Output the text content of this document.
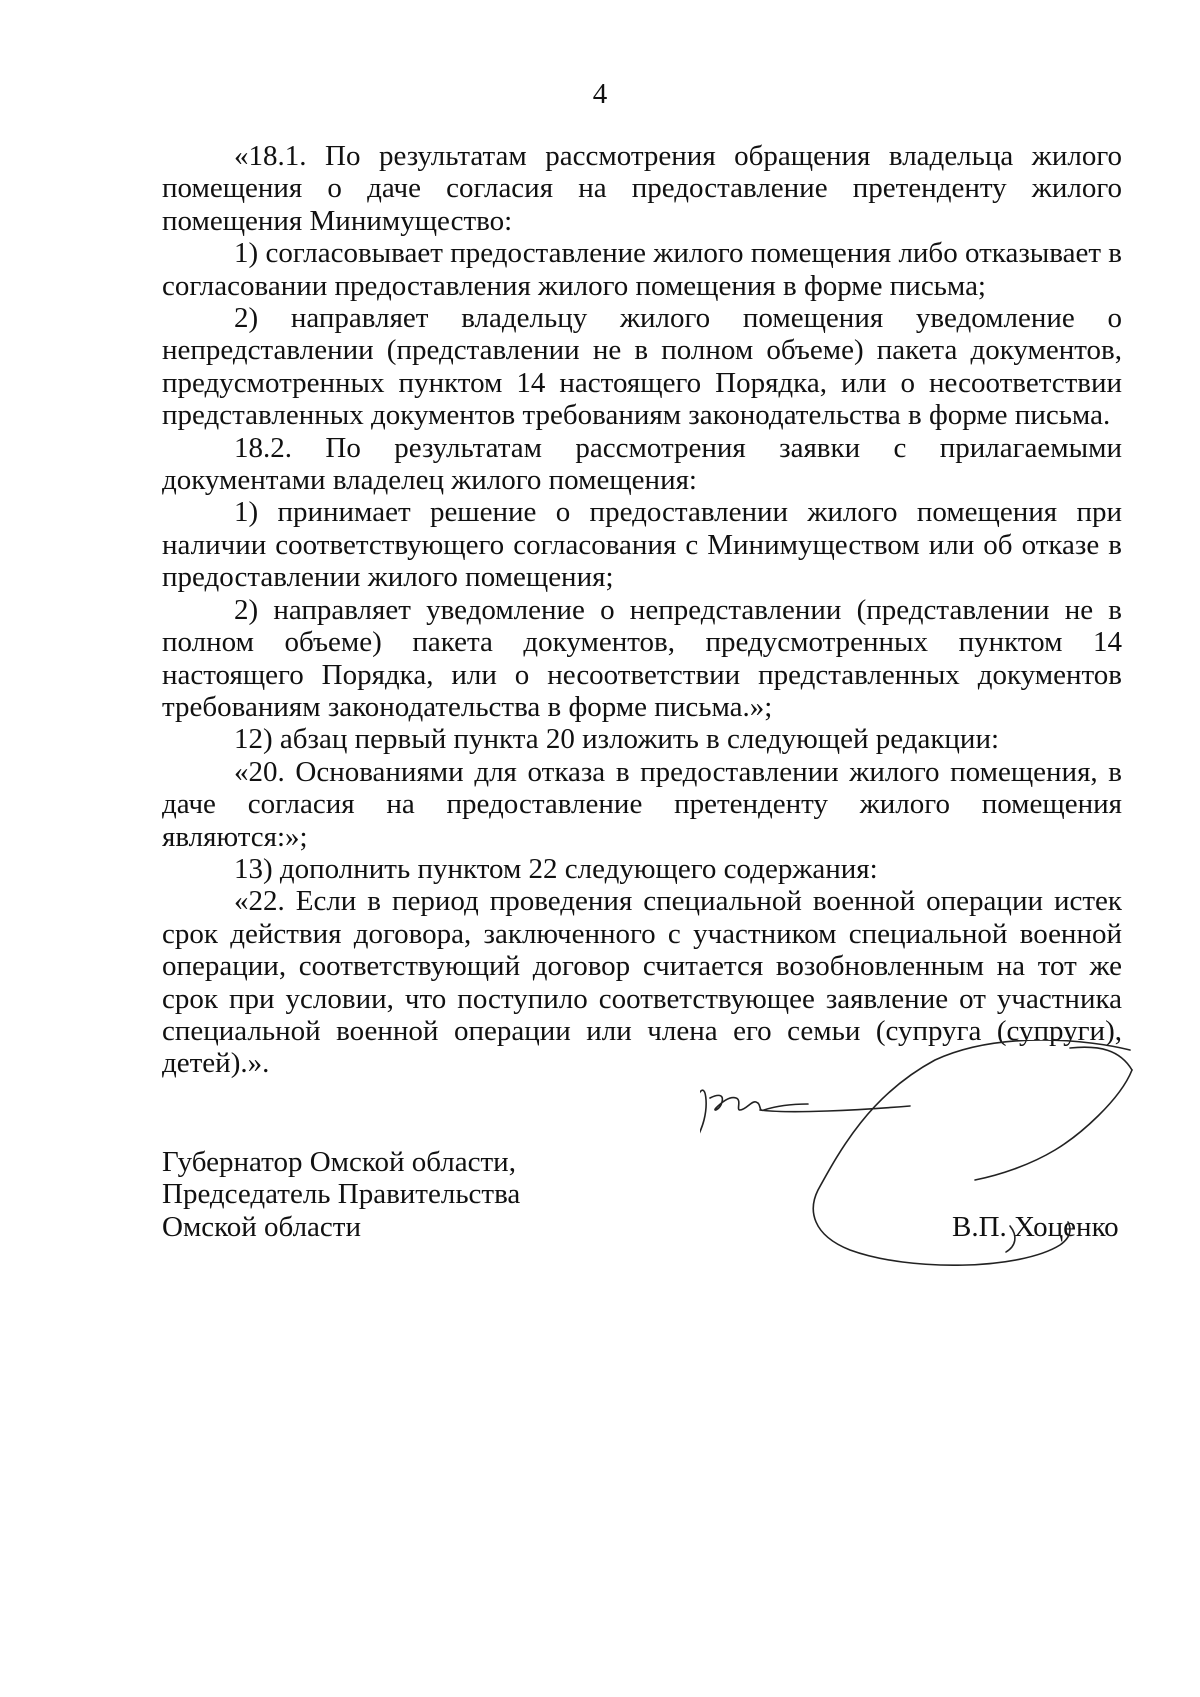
4

«18.1. По результатам рассмотрения обращения владельца жилого помещения о даче согласия на предоставление претенденту жилого помещения Минимущество:

1) согласовывает предоставление жилого помещения либо отказывает в согласовании предоставления жилого помещения в форме письма;

2) направляет владельцу жилого помещения уведомление о непредставлении (представлении не в полном объеме) пакета документов, предусмотренных пунктом 14 настоящего Порядка, или о несоответствии представленных документов требованиям законодательства в форме письма.

18.2. По результатам рассмотрения заявки с прилагаемыми документами владелец жилого помещения:

1) принимает решение о предоставлении жилого помещения при наличии соответствующего согласования с Минимуществом или об отказе в предоставлении жилого помещения;

2) направляет уведомление о непредставлении (представлении не в полном объеме) пакета документов, предусмотренных пунктом 14 настоящего Порядка, или о несоответствии представленных документов требованиям законодательства в форме письма.»;

12) абзац первый пункта 20 изложить в следующей редакции:

«20. Основаниями для отказа в предоставлении жилого помещения, в даче согласия на предоставление претенденту жилого помещения являются:»;

13) дополнить пунктом 22 следующего содержания:

«22. Если в период проведения специальной военной операции истек срок действия договора, заключенного с участником специальной военной операции, соответствующий договор считается возобновленным на тот же срок при условии, что поступило соответствующее заявление от участника специальной военной операции или члена его семьи (супруга (супруги), детей).».

Губернатор Омской области,
Председатель Правительства
Омской области	В.П. Хоценко
